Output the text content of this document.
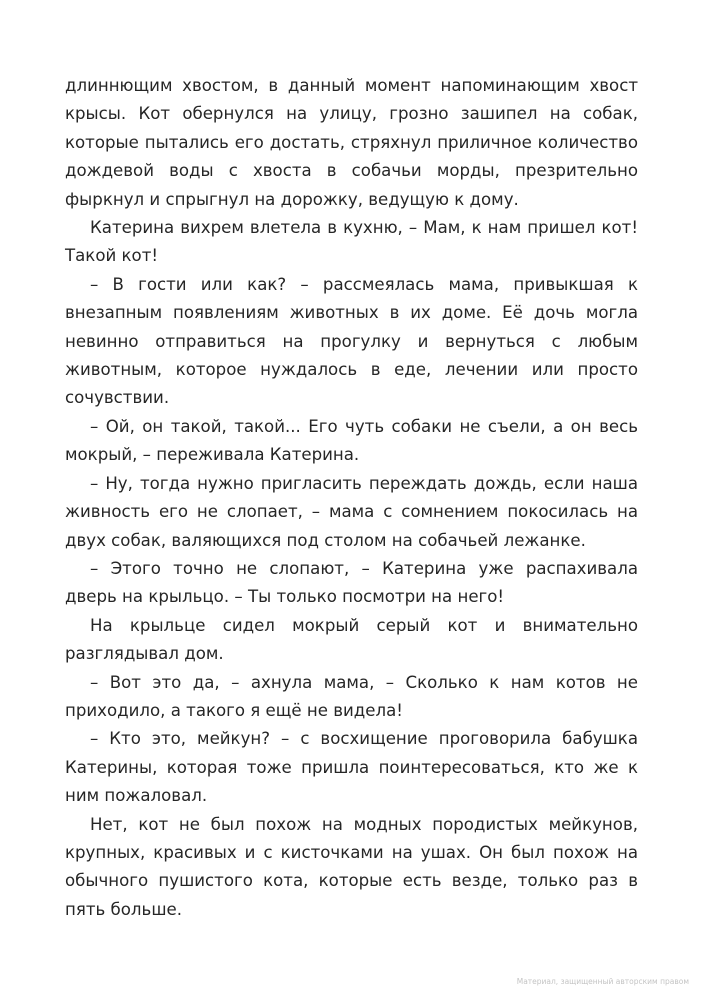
длиннющим хвостом, в данный момент напоминающим хвост крысы. Кот обернулся на улицу, грозно зашипел на собак, которые пытались его достать, стряхнул приличное количество дождевой воды с хвоста в собачьи морды, презрительно фыркнул и спрыгнул на дорожку, ведущую к дому.

Катерина вихрем влетела в кухню, – Мам, к нам пришел кот! Такой кот!

– В гости или как? – рассмеялась мама, привыкшая к внезапным появлениям животных в их доме. Её дочь могла невинно отправиться на прогулку и вернуться с любым животным, которое нуждалось в еде, лечении или просто сочувствии.

– Ой, он такой, такой... Его чуть собаки не съели, а он весь мокрый, – переживала Катерина.

– Ну, тогда нужно пригласить переждать дождь, если наша живность его не слопает, – мама с сомнением покосилась на двух собак, валяющихся под столом на собачьей лежанке.

– Этого точно не слопают, – Катерина уже распахивала дверь на крыльцо. – Ты только посмотри на него!

На крыльце сидел мокрый серый кот и внимательно разглядывал дом.

– Вот это да, – ахнула мама, – Сколько к нам котов не приходило, а такого я ещё не видела!

– Кто это, мейкун? – с восхищение проговорила бабушка Катерины, которая тоже пришла поинтересоваться, кто же к ним пожаловал.

Нет, кот не был похож на модных породистых мейкунов, крупных, красивых и с кисточками на ушах. Он был похож на обычного пушистого кота, которые есть везде, только раз в пять больше.

Материал, защищенный авторским правом
